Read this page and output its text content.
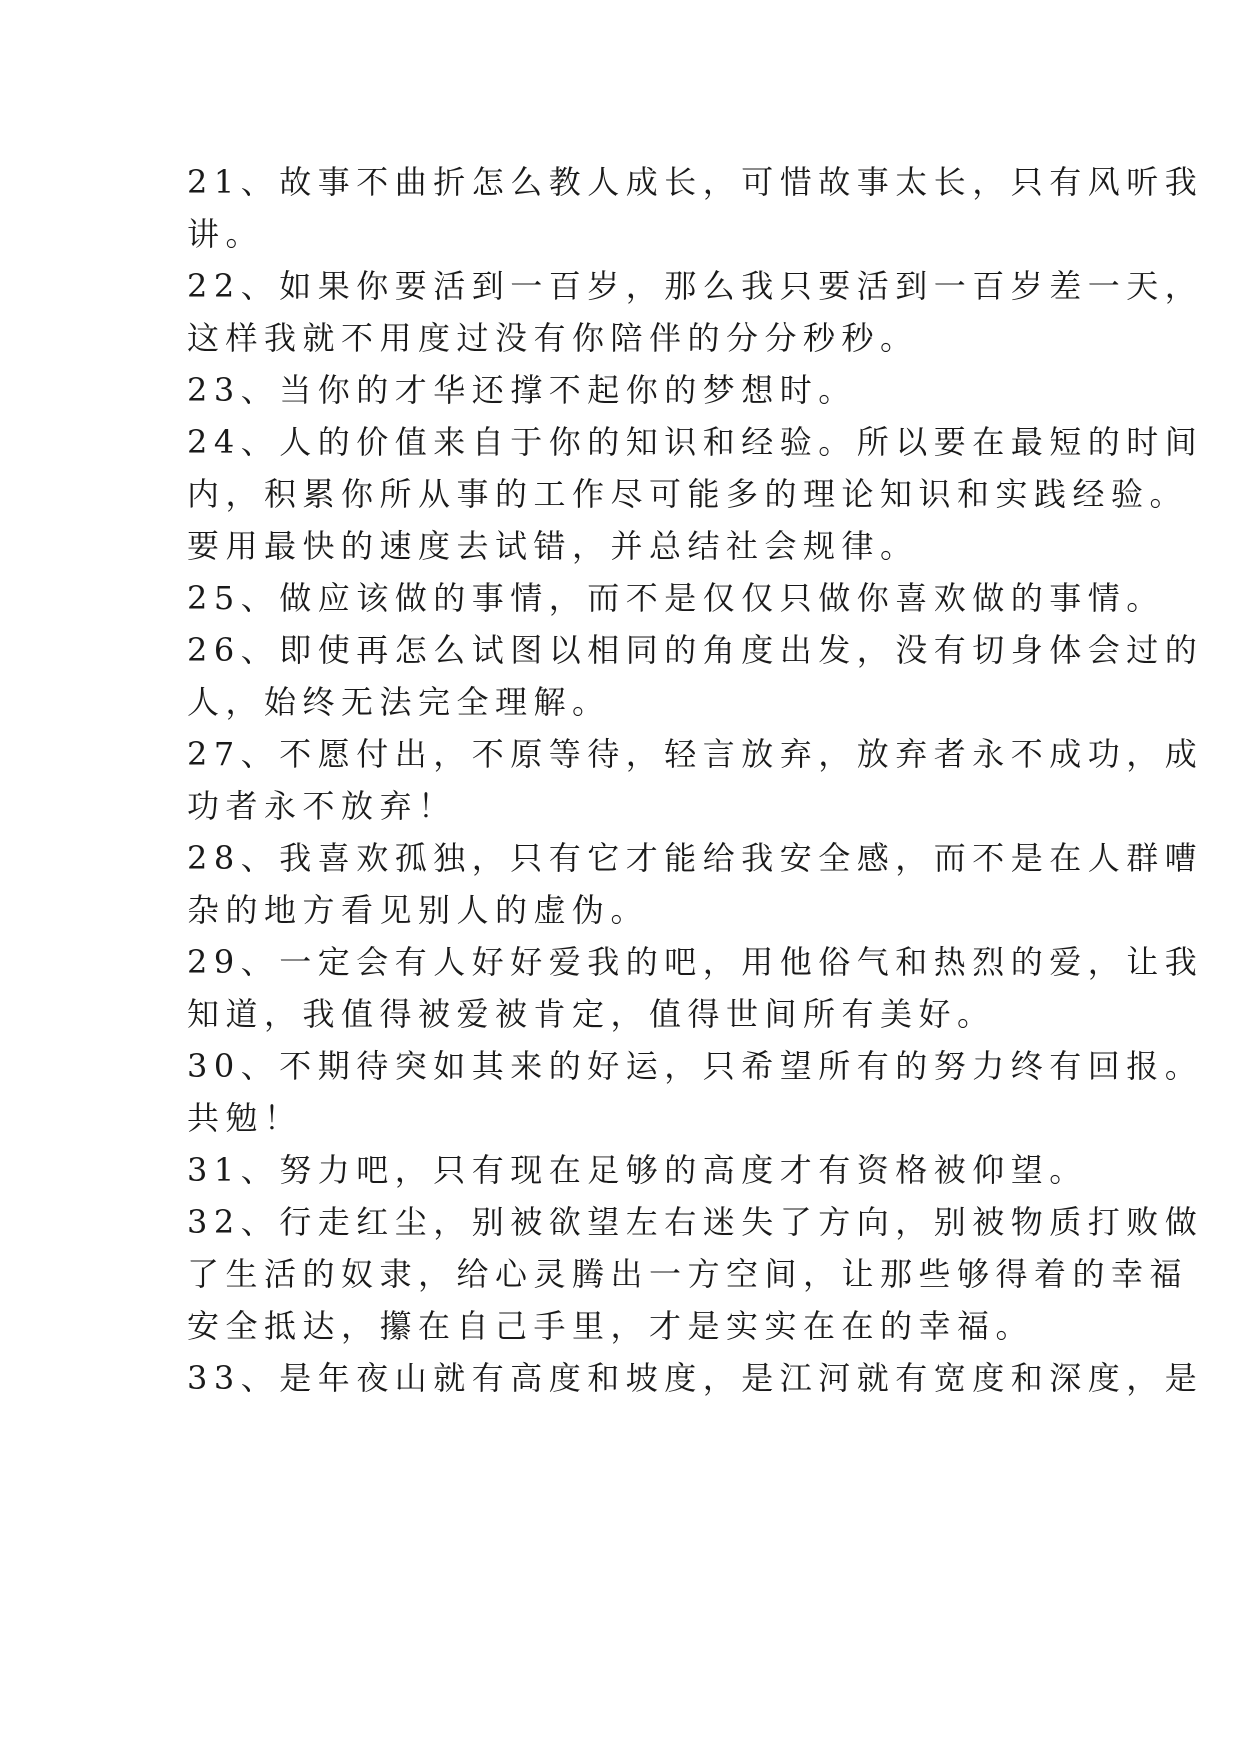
21、故事不曲折怎么教人成长，可惜故事太长，只有风听我
讲。
22、如果你要活到一百岁，那么我只要活到一百岁差一天，
这样我就不用度过没有你陪伴的分分秒秒。
23、当你的才华还撑不起你的梦想时。
24、人的价值来自于你的知识和经验。所以要在最短的时间
内，积累你所从事的工作尽可能多的理论知识和实践经验。
要用最快的速度去试错，并总结社会规律。
25、做应该做的事情，而不是仅仅只做你喜欢做的事情。
26、即使再怎么试图以相同的角度出发，没有切身体会过的
人，始终无法完全理解。
27、不愿付出，不原等待，轻言放弃，放弃者永不成功，成
功者永不放弃！
28、我喜欢孤独，只有它才能给我安全感，而不是在人群嘈
杂的地方看见别人的虚伪。
29、一定会有人好好爱我的吧，用他俗气和热烈的爱，让我
知道，我值得被爱被肯定，值得世间所有美好。
30、不期待突如其来的好运，只希望所有的努力终有回报。
共勉！
31、努力吧，只有现在足够的高度才有资格被仰望。
32、行走红尘，别被欲望左右迷失了方向，别被物质打败做
了生活的奴隶，给心灵腾出一方空间，让那些够得着的幸福
安全抵达，攥在自己手里，才是实实在在的幸福。
33、是年夜山就有高度和坡度，是江河就有宽度和深度，是
